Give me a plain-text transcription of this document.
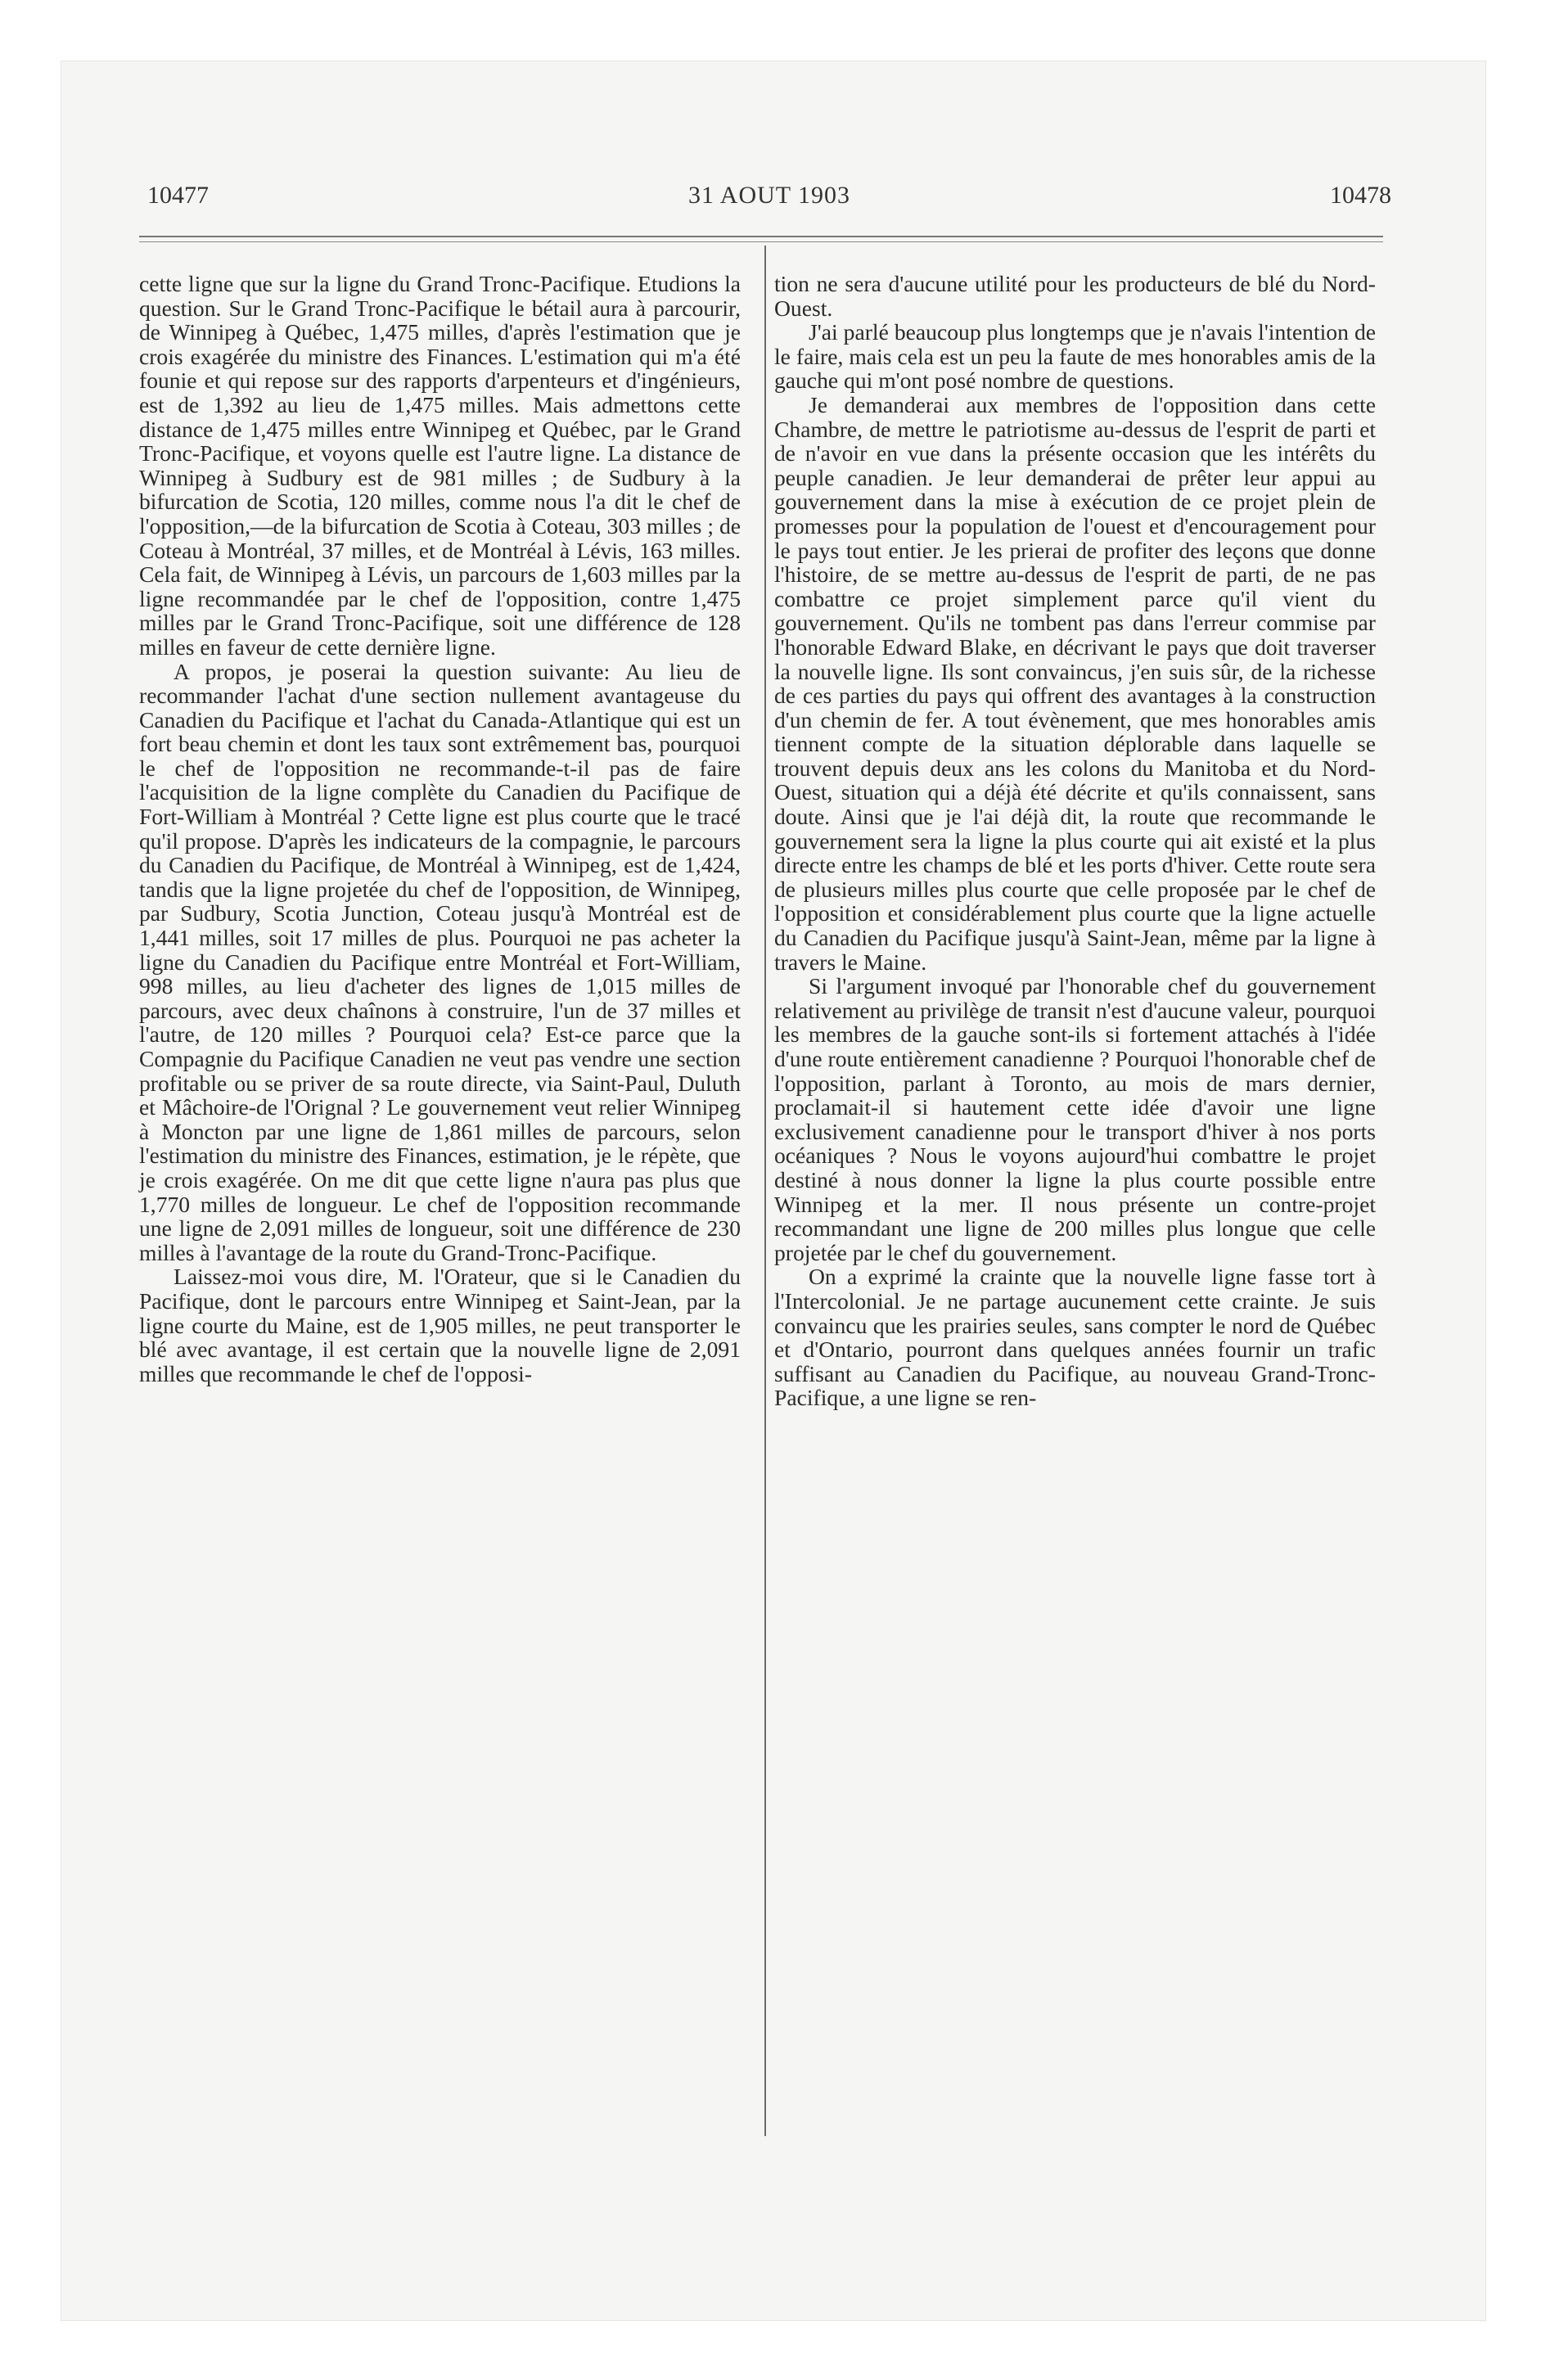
10477	31 AOUT 1903	10478

cette ligne que sur la ligne du Grand Tronc-Pacifique. Etudions la question. Sur le Grand Tronc-Pacifique le bétail aura à parcourir, de Winnipeg à Québec, 1,475 milles, d'après l'estimation que je crois exagérée du ministre des Finances. L'estimation qui m'a été founie et qui repose sur des rapports d'arpenteurs et d'ingénieurs, est de 1,392 au lieu de 1,475 milles. Mais admettons cette distance de 1,475 milles entre Winnipeg et Québec, par le Grand Tronc-Pacifique, et voyons quelle est l'autre ligne. La distance de Winnipeg à Sudbury est de 981 milles ; de Sudbury à la bifurcation de Scotia, 120 milles, comme nous l'a dit le chef de l'opposition,—de la bifurcation de Scotia à Coteau, 303 milles ; de Coteau à Montréal, 37 milles, et de Montréal à Lévis, 163 milles. Cela fait, de Winnipeg à Lévis, un parcours de 1,603 milles par la ligne recommandée par le chef de l'opposition, contre 1,475 milles par le Grand Tronc-Pacifique, soit une différence de 128 milles en faveur de cette dernière ligne.

A propos, je poserai la question suivante: Au lieu de recommander l'achat d'une section nullement avantageuse du Canadien du Pacifique et l'achat du Canada-Atlantique qui est un fort beau chemin et dont les taux sont extrêmement bas, pourquoi le chef de l'opposition ne recommande-t-il pas de faire l'acquisition de la ligne complète du Canadien du Pacifique de Fort-William à Montréal ? Cette ligne est plus courte que le tracé qu'il propose. D'après les indicateurs de la compagnie, le parcours du Canadien du Pacifique, de Montréal à Winnipeg, est de 1,424, tandis que la ligne projetée du chef de l'opposition, de Winnipeg, par Sudbury, Scotia Junction, Coteau jusqu'à Montréal est de 1,441 milles, soit 17 milles de plus. Pourquoi ne pas acheter la ligne du Canadien du Pacifique entre Montréal et Fort-William, 998 milles, au lieu d'acheter des lignes de 1,015 milles de parcours, avec deux chaînons à construire, l'un de 37 milles et l'autre, de 120 milles ? Pourquoi cela? Est-ce parce que la Compagnie du Pacifique Canadien ne veut pas vendre une section profitable ou se priver de sa route directe, via Saint-Paul, Duluth et Mâchoire-de l'Orignal ? Le gouvernement veut relier Winnipeg à Moncton par une ligne de 1,861 milles de parcours, selon l'estimation du ministre des Finances, estimation, je le répète, que je crois exagérée. On me dit que cette ligne n'aura pas plus que 1,770 milles de longueur. Le chef de l'opposition recommande une ligne de 2,091 milles de longueur, soit une différence de 230 milles à l'avantage de la route du Grand-Tronc-Pacifique.

Laissez-moi vous dire, M. l'Orateur, que si le Canadien du Pacifique, dont le parcours entre Winnipeg et Saint-Jean, par la ligne courte du Maine, est de 1,905 milles, ne peut transporter le blé avec avantage, il est certain que la nouvelle ligne de 2,091 milles que recommande le chef de l'opposi-

tion ne sera d'aucune utilité pour les producteurs de blé du Nord-Ouest.

J'ai parlé beaucoup plus longtemps que je n'avais l'intention de le faire, mais cela est un peu la faute de mes honorables amis de la gauche qui m'ont posé nombre de questions.

Je demanderai aux membres de l'opposition dans cette Chambre, de mettre le patriotisme au-dessus de l'esprit de parti et de n'avoir en vue dans la présente occasion que les intérêts du peuple canadien. Je leur demanderai de prêter leur appui au gouvernement dans la mise à exécution de ce projet plein de promesses pour la population de l'ouest et d'encouragement pour le pays tout entier. Je les prierai de profiter des leçons que donne l'histoire, de se mettre au-dessus de l'esprit de parti, de ne pas combattre ce projet simplement parce qu'il vient du gouvernement. Qu'ils ne tombent pas dans l'erreur commise par l'honorable Edward Blake, en décrivant le pays que doit traverser la nouvelle ligne. Ils sont convaincus, j'en suis sûr, de la richesse de ces parties du pays qui offrent des avantages à la construction d'un chemin de fer. A tout évènement, que mes honorables amis tiennent compte de la situation déplorable dans laquelle se trouvent depuis deux ans les colons du Manitoba et du Nord-Ouest, situation qui a déjà été décrite et qu'ils connaissent, sans doute. Ainsi que je l'ai déjà dit, la route que recommande le gouvernement sera la ligne la plus courte qui ait existé et la plus directe entre les champs de blé et les ports d'hiver. Cette route sera de plusieurs milles plus courte que celle proposée par le chef de l'opposition et considérablement plus courte que la ligne actuelle du Canadien du Pacifique jusqu'à Saint-Jean, même par la ligne à travers le Maine.

Si l'argument invoqué par l'honorable chef du gouvernement relativement au privilège de transit n'est d'aucune valeur, pourquoi les membres de la gauche sont-ils si fortement attachés à l'idée d'une route entièrement canadienne ? Pourquoi l'honorable chef de l'opposition, parlant à Toronto, au mois de mars dernier, proclamait-il si hautement cette idée d'avoir une ligne exclusivement canadienne pour le transport d'hiver à nos ports océaniques ? Nous le voyons aujourd'hui combattre le projet destiné à nous donner la ligne la plus courte possible entre Winnipeg et la mer. Il nous présente un contre-projet recommandant une ligne de 200 milles plus longue que celle projetée par le chef du gouvernement.

On a exprimé la crainte que la nouvelle ligne fasse tort à l'Intercolonial. Je ne partage aucunement cette crainte. Je suis convaincu que les prairies seules, sans compter le nord de Québec et d'Ontario, pourront dans quelques années fournir un trafic suffisant au Canadien du Pacifique, au nouveau Grand-Tronc-Pacifique, a une ligne se ren-
